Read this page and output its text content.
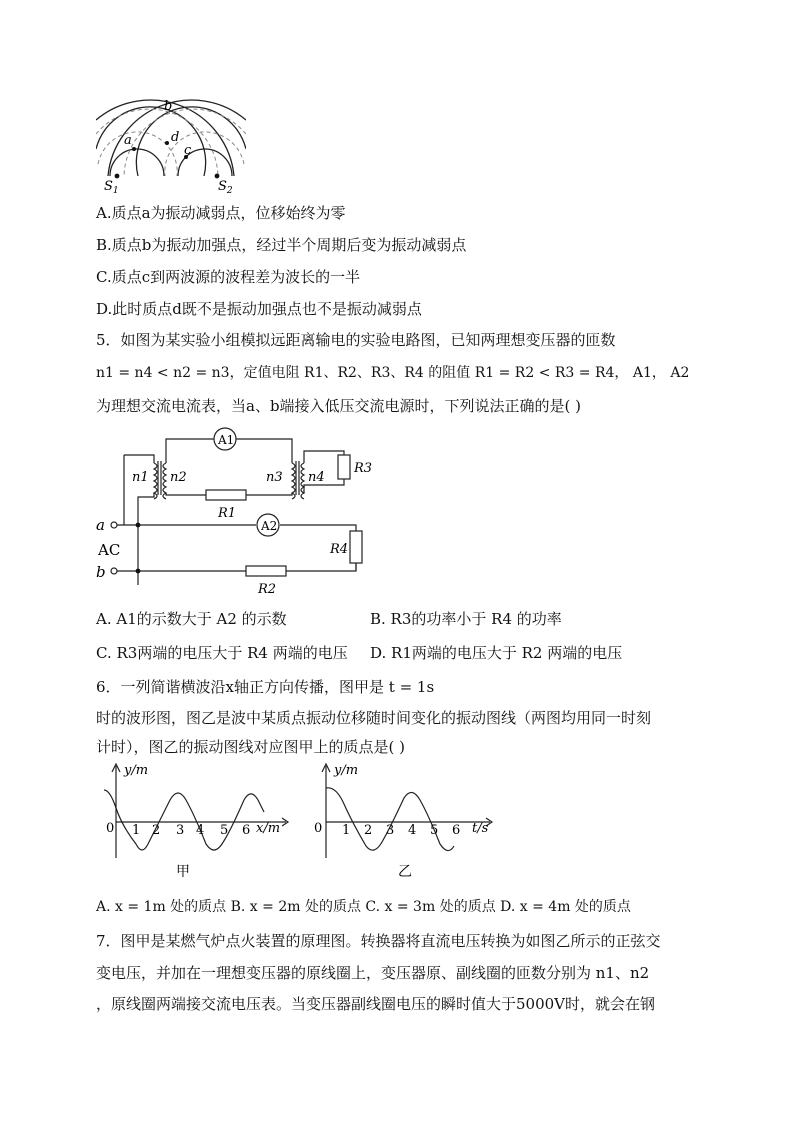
b
a	d
c
$S_1$	$S_2$
A.质点a为振动减弱点，位移始终为零
B.质点b为振动加强点，经过半个周期后变为振动减弱点
C.质点c到两波源的波程差为波长的一半
D.此时质点d既不是振动加强点也不是振动减弱点
5．如图为某实验小组模拟远距离输电的实验电路图，已知两理想变压器的匝数
n1 = n4 < n2 = n3，定值电阻 R1、R2、R3、R4 的阻值 R1 = R2 < R3 = R4， A1， A2
为理想交流电流表，当a、b端接入低压交流电源时，下列说法正确的是( )
A1
A2
n1 n2	n3 n4
R1
R2
R3
R4
a
AC
b
A. A1的示数大于 A2 的示数	B. R3的功率小于 R4 的功率
C. R3两端的电压大于 R4 两端的电压 D. R1两端的电压大于 R2 两端的电压
6．一列简谐横波沿x轴正方向传播，图甲是 t = 1s
时的波形图，图乙是波中某质点振动位移随时间变化的振动图线（两图均用同一时刻
计时），图乙的振动图线对应图甲上的质点是( )
y/m
x/m
0 1 2 3 4 5 6
甲
y/m
t/s
0 1 2 3 4 5 6
乙
A. x = 1m 处的质点 B. x = 2m 处的质点 C. x = 3m 处的质点 D. x = 4m 处的质点
7．图甲是某燃气炉点火装置的原理图。转换器将直流电压转换为如图乙所示的正弦交
变电压，并加在一理想变压器的原线圈上，变压器原、副线圈的匝数分别为 n1、n2
，原线圈两端接交流电压表。当变压器副线圈电压的瞬时值大于5000V时，就会在钢
